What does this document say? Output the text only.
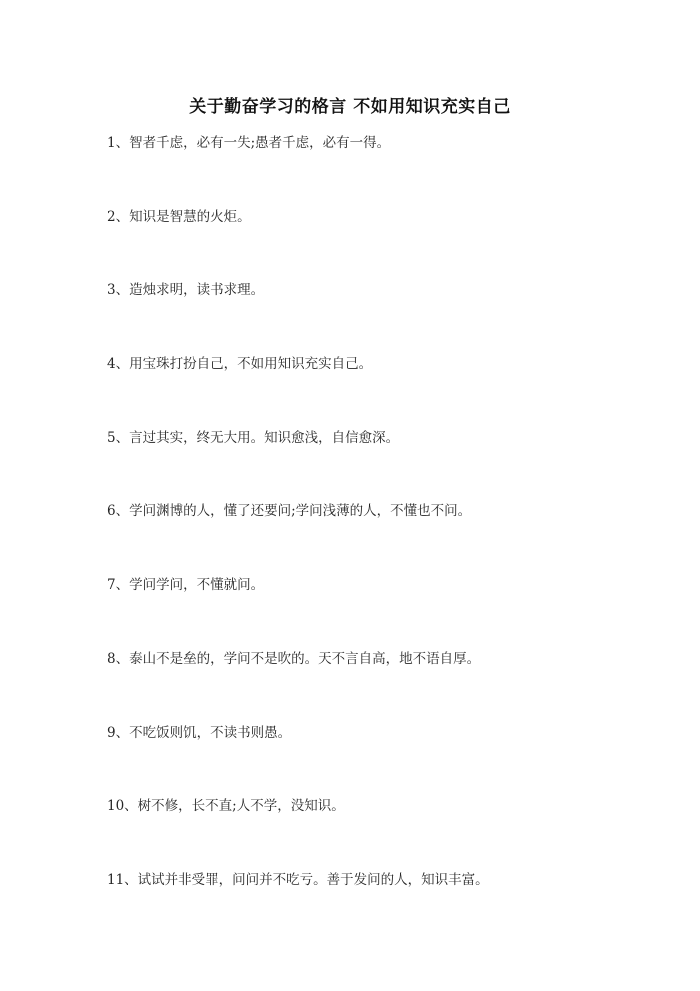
关于勤奋学习的格言 不如用知识充实自己
1、智者千虑，必有一失;愚者千虑，必有一得。
2、知识是智慧的火炬。
3、造烛求明，读书求理。
4、用宝珠打扮自己，不如用知识充实自己。
5、言过其实，终无大用。知识愈浅，自信愈深。
6、学问渊博的人，懂了还要问;学问浅薄的人，不懂也不问。
7、学问学问，不懂就问。
8、泰山不是垒的，学问不是吹的。天不言自高，地不语自厚。
9、不吃饭则饥，不读书则愚。
10、树不修，长不直;人不学，没知识。
11、试试并非受罪，问问并不吃亏。善于发问的人，知识丰富。
